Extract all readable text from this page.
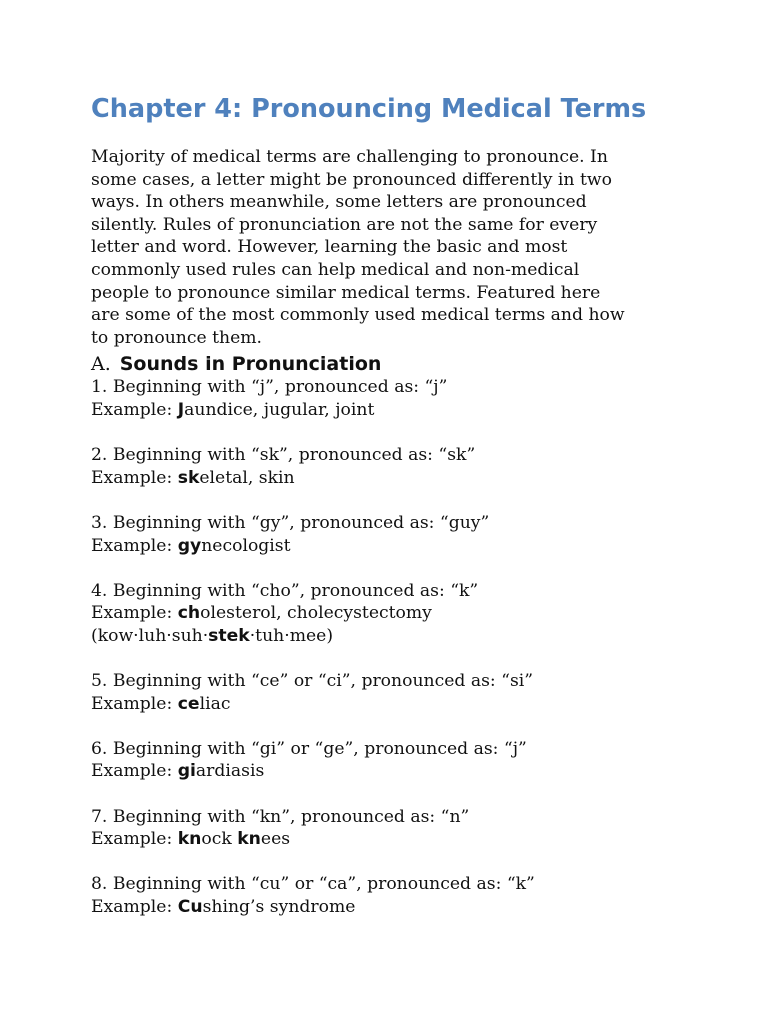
Chapter 4: Pronouncing Medical Terms

Majority of medical terms are challenging to pronounce. In
some cases, a letter might be pronounced differently in two
ways. In others meanwhile, some letters are pronounced
silently. Rules of pronunciation are not the same for every
letter and word. However, learning the basic and most
commonly used rules can help medical and non-medical
people to pronounce similar medical terms. Featured here
are some of the most commonly used medical terms and how
to pronounce them.

A. Sounds in Pronunciation
1. Beginning with “j”, pronounced as: “j”
Example: Jaundice, jugular, joint
2. Beginning with “sk”, pronounced as: “sk”
Example: skeletal, skin
3. Beginning with “gy”, pronounced as: “guy”
Example: gynecologist
4. Beginning with “cho”, pronounced as: “k”
Example: cholesterol, cholecystectomy
(kow·luh·suh·stek·tuh·mee)
5. Beginning with “ce” or “ci”, pronounced as: “si”
Example: celiac
6. Beginning with “gi” or “ge”, pronounced as: “j”
Example: giardiasis
7. Beginning with “kn”, pronounced as: “n”
Example: knock knees
8. Beginning with “cu” or “ca”, pronounced as: “k”
Example: Cushing’s syndrome
